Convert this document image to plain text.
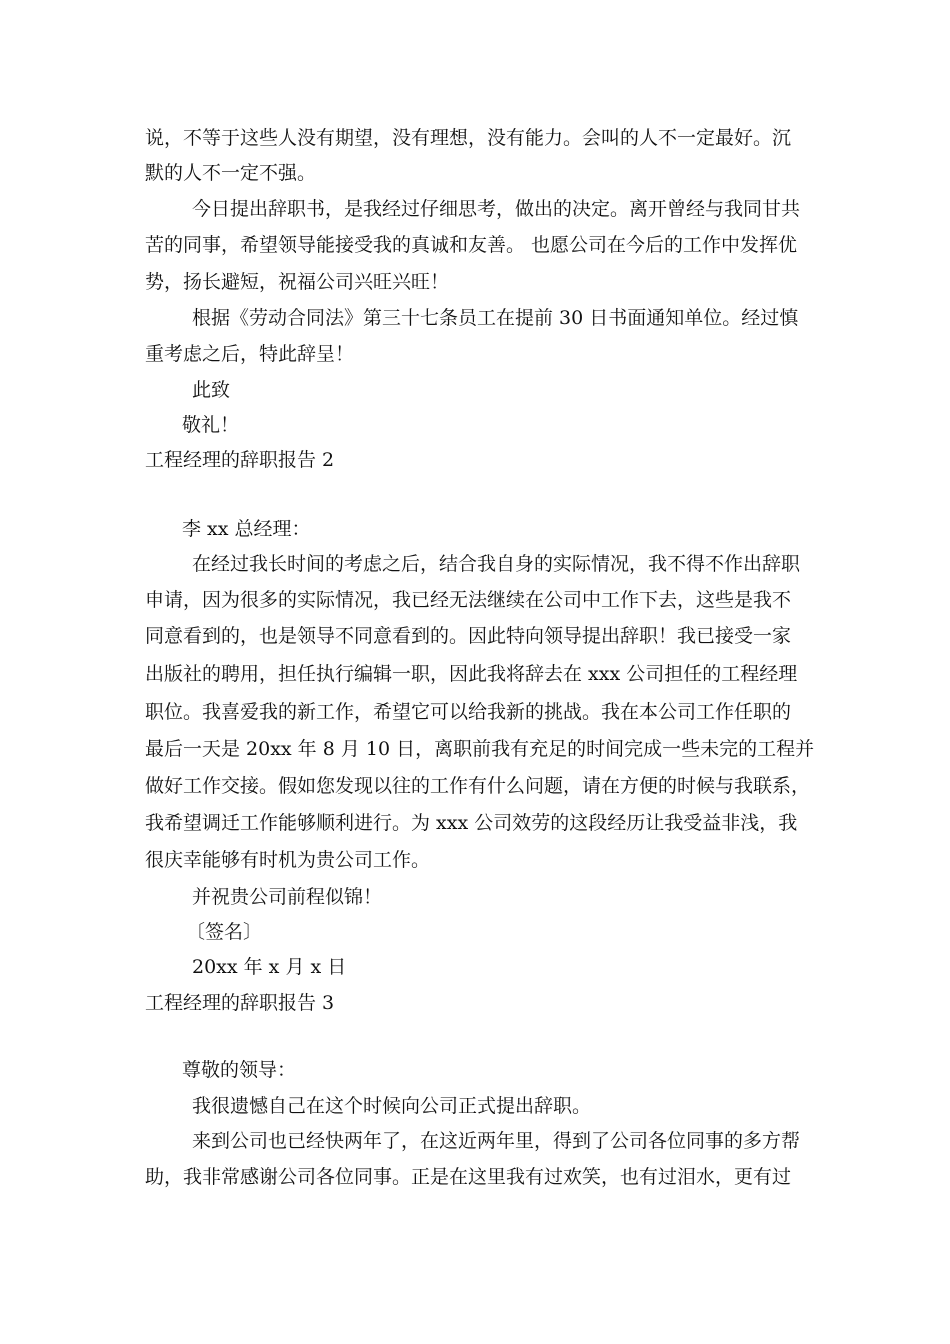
说，不等于这些人没有期望，没有理想，没有能力。会叫的人不一定最好。沉
默的人不一定不强。
今日提出辞职书，是我经过仔细思考，做出的决定。离开曾经与我同甘共
苦的同事，希望领导能接受我的真诚和友善。 也愿公司在今后的工作中发挥优
势，扬长避短，祝福公司兴旺兴旺！
根据《劳动合同法》第三十七条员工在提前 30 日书面通知单位。经过慎
重考虑之后，特此辞呈！
此致
敬礼！
工程经理的辞职报告 2
李 xx 总经理：
在经过我长时间的考虑之后，结合我自身的实际情况，我不得不作出辞职
申请，因为很多的实际情况，我已经无法继续在公司中工作下去，这些是我不
同意看到的，也是领导不同意看到的。因此特向领导提出辞职！我已接受一家
出版社的聘用，担任执行编辑一职，因此我将辞去在 xxx 公司担任的工程经理
职位。我喜爱我的新工作，希望它可以给我新的挑战。我在本公司工作任职的
最后一天是 20xx 年 8 月 10 日，离职前我有充足的时间完成一些未完的工程并
做好工作交接。假如您发现以往的工作有什么问题，请在方便的时候与我联系，
我希望调迁工作能够顺利进行。为 xxx 公司效劳的这段经历让我受益非浅，我
很庆幸能够有时机为贵公司工作。
并祝贵公司前程似锦！
〔签名〕
20xx 年 x 月 x 日
工程经理的辞职报告 3
尊敬的领导：
我很遗憾自己在这个时候向公司正式提出辞职。
来到公司也已经快两年了，在这近两年里，得到了公司各位同事的多方帮
助，我非常感谢公司各位同事。正是在这里我有过欢笑，也有过泪水，更有过
